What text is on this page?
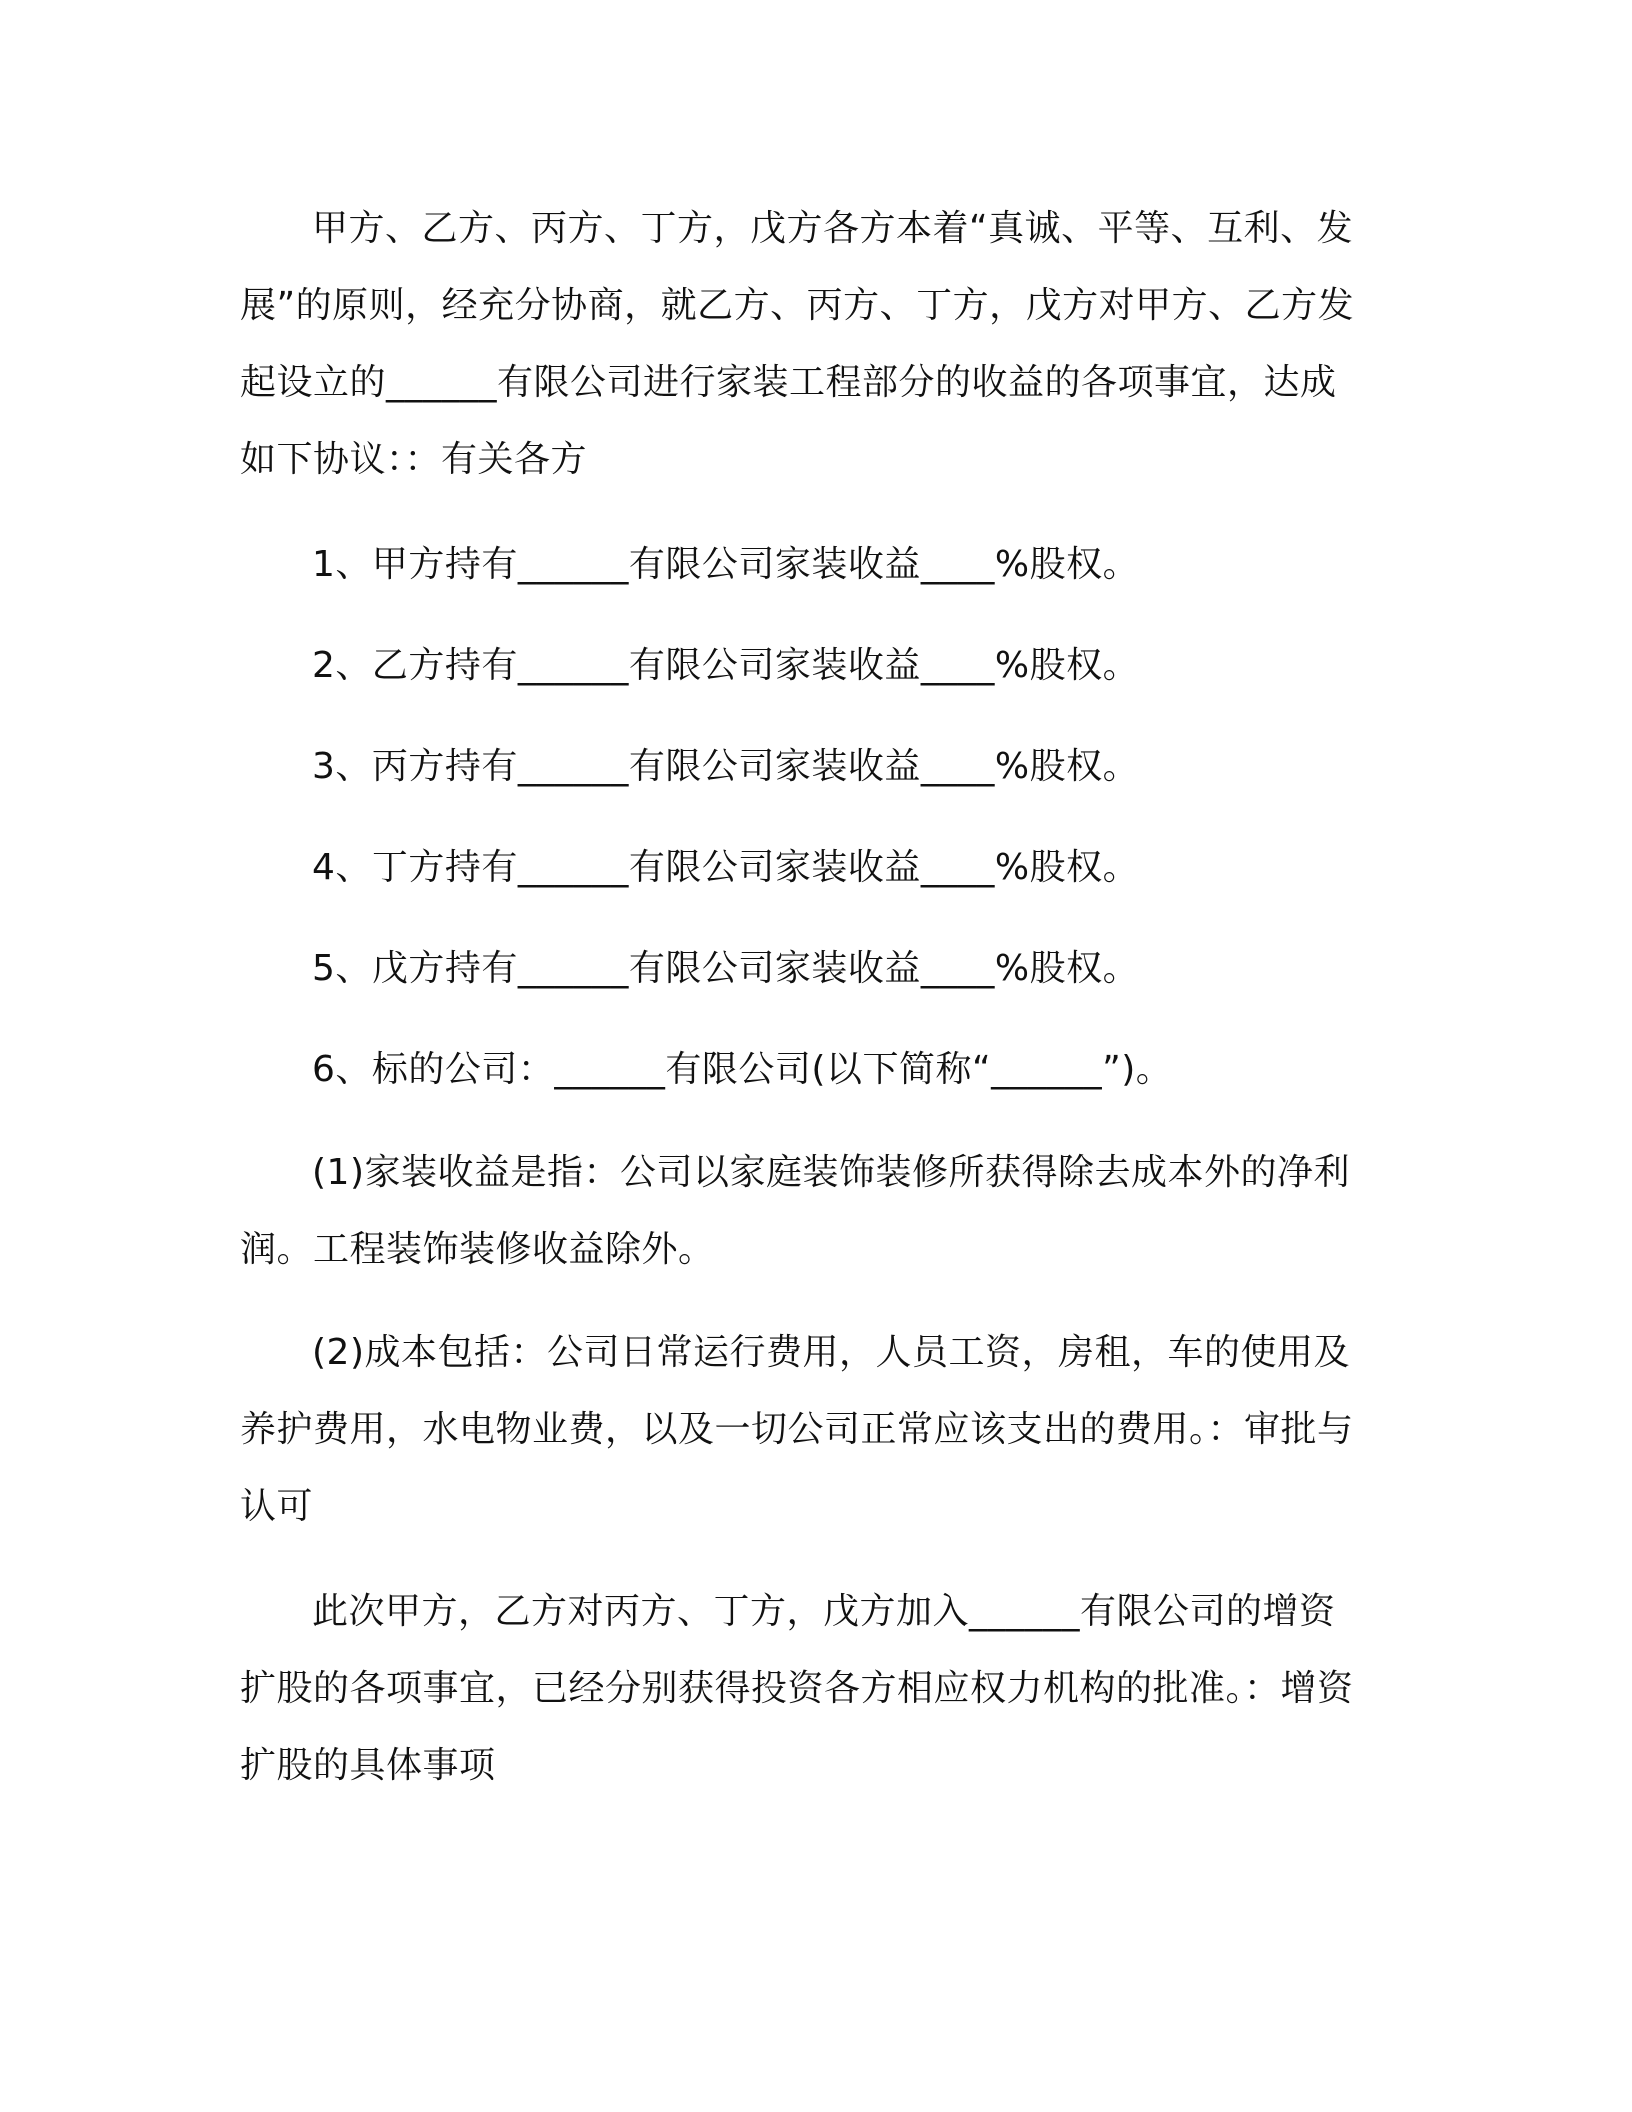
甲方、乙方、丙方、丁方，戊方各方本着“真诚、平等、互利、发展”的原则，经充分协商，就乙方、丙方、丁方，戊方对甲方、乙方发起设立的______有限公司进行家装工程部分的收益的各项事宜，达成如下协议：：有关各方

1、甲方持有______有限公司家装收益____%股权。

2、乙方持有______有限公司家装收益____%股权。

3、丙方持有______有限公司家装收益____%股权。

4、丁方持有______有限公司家装收益____%股权。

5、戊方持有______有限公司家装收益____%股权。

6、标的公司：______有限公司(以下简称“______”)。

(1)家装收益是指：公司以家庭装饰装修所获得除去成本外的净利润。工程装饰装修收益除外。

(2)成本包括：公司日常运行费用，人员工资，房租，车的使用及养护费用，水电物业费，以及一切公司正常应该支出的费用。：审批与认可

此次甲方，乙方对丙方、丁方，戊方加入______有限公司的增资扩股的各项事宜，已经分别获得投资各方相应权力机构的批准。：增资扩股的具体事项
